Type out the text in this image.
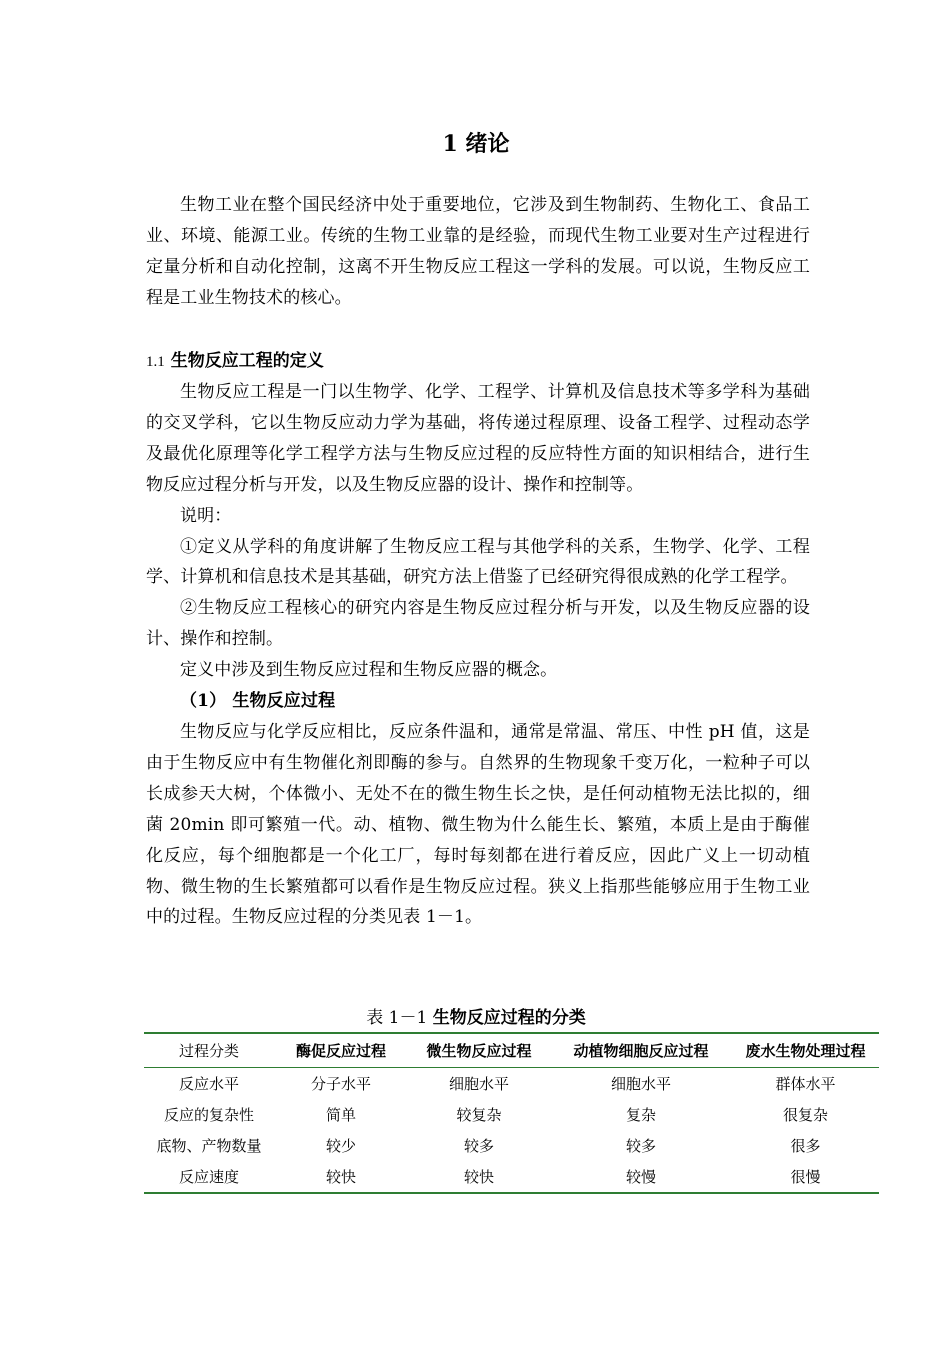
1 绪论

生物工业在整个国民经济中处于重要地位，它涉及到生物制药、生物化工、食品工业、环境、能源工业。传统的生物工业靠的是经验，而现代生物工业要对生产过程进行定量分析和自动化控制，这离不开生物反应工程这一学科的发展。可以说，生物反应工程是工业生物技术的核心。

1.1 生物反应工程的定义

生物反应工程是一门以生物学、化学、工程学、计算机及信息技术等多学科为基础的交叉学科，它以生物反应动力学为基础，将传递过程原理、设备工程学、过程动态学及最优化原理等化学工程学方法与生物反应过程的反应特性方面的知识相结合，进行生物反应过程分析与开发，以及生物反应器的设计、操作和控制等。

说明：

①定义从学科的角度讲解了生物反应工程与其他学科的关系，生物学、化学、工程学、计算机和信息技术是其基础，研究方法上借鉴了已经研究得很成熟的化学工程学。

②生物反应工程核心的研究内容是生物反应过程分析与开发，以及生物反应器的设计、操作和控制。

定义中涉及到生物反应过程和生物反应器的概念。

（1） 生物反应过程

生物反应与化学反应相比，反应条件温和，通常是常温、常压、中性 pH 值，这是由于生物反应中有生物催化剂即酶的参与。自然界的生物现象千变万化，一粒种子可以长成参天大树，个体微小、无处不在的微生物生长之快，是任何动植物无法比拟的，细菌 20min 即可繁殖一代。动、植物、微生物为什么能生长、繁殖，本质上是由于酶催化反应，每个细胞都是一个化工厂，每时每刻都在进行着反应，因此广义上一切动植物、微生物的生长繁殖都可以看作是生物反应过程。狭义上指那些能够应用于生物工业中的过程。生物反应过程的分类见表 1－1。

表 1－1 生物反应过程的分类
过程分类	酶促反应过程	微生物反应过程	动植物细胞反应过程	废水生物处理过程
反应水平	分子水平	细胞水平	细胞水平	群体水平
反应的复杂性	简单	较复杂	复杂	很复杂
底物、产物数量	较少	较多	较多	很多
反应速度	较快	较快	较慢	很慢
